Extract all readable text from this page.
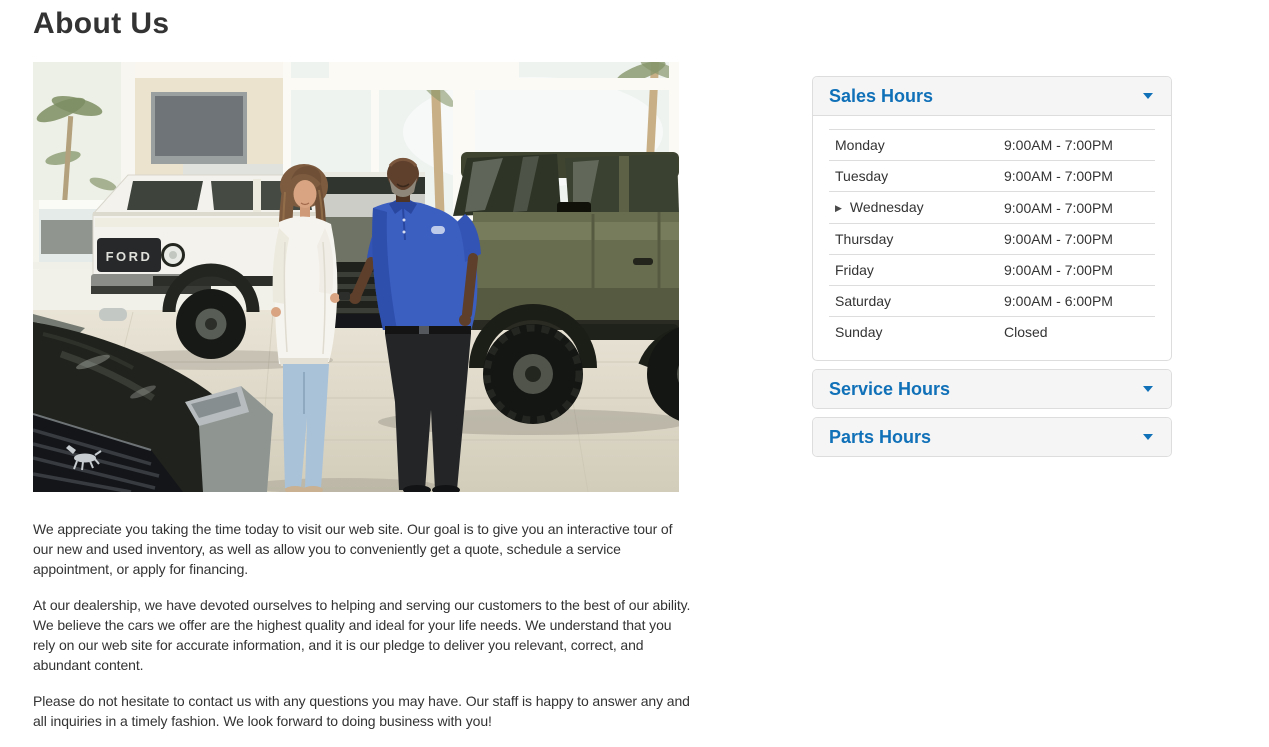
About Us
FORD

We appreciate you taking the time today to visit our web site. Our goal is to give you an interactive tour of our new and used inventory, as well as allow you to conveniently get a quote, schedule a service appointment, or apply for financing.

At our dealership, we have devoted ourselves to helping and serving our customers to the best of our ability. We believe the cars we offer are the highest quality and ideal for your life needs. We understand that you rely on our web site for accurate information, and it is our pledge to deliver you relevant, correct, and abundant content.

Please do not hesitate to contact us with any questions you may have. Our staff is happy to answer any and all inquiries in a timely fashion. We look forward to doing business with you!

Sales Hours
Monday	9:00AM - 7:00PM
Tuesday	9:00AM - 7:00PM
▶ Wednesday	9:00AM - 7:00PM
Thursday	9:00AM - 7:00PM
Friday	9:00AM - 7:00PM
Saturday	9:00AM - 6:00PM
Sunday	Closed
Service Hours
Parts Hours
